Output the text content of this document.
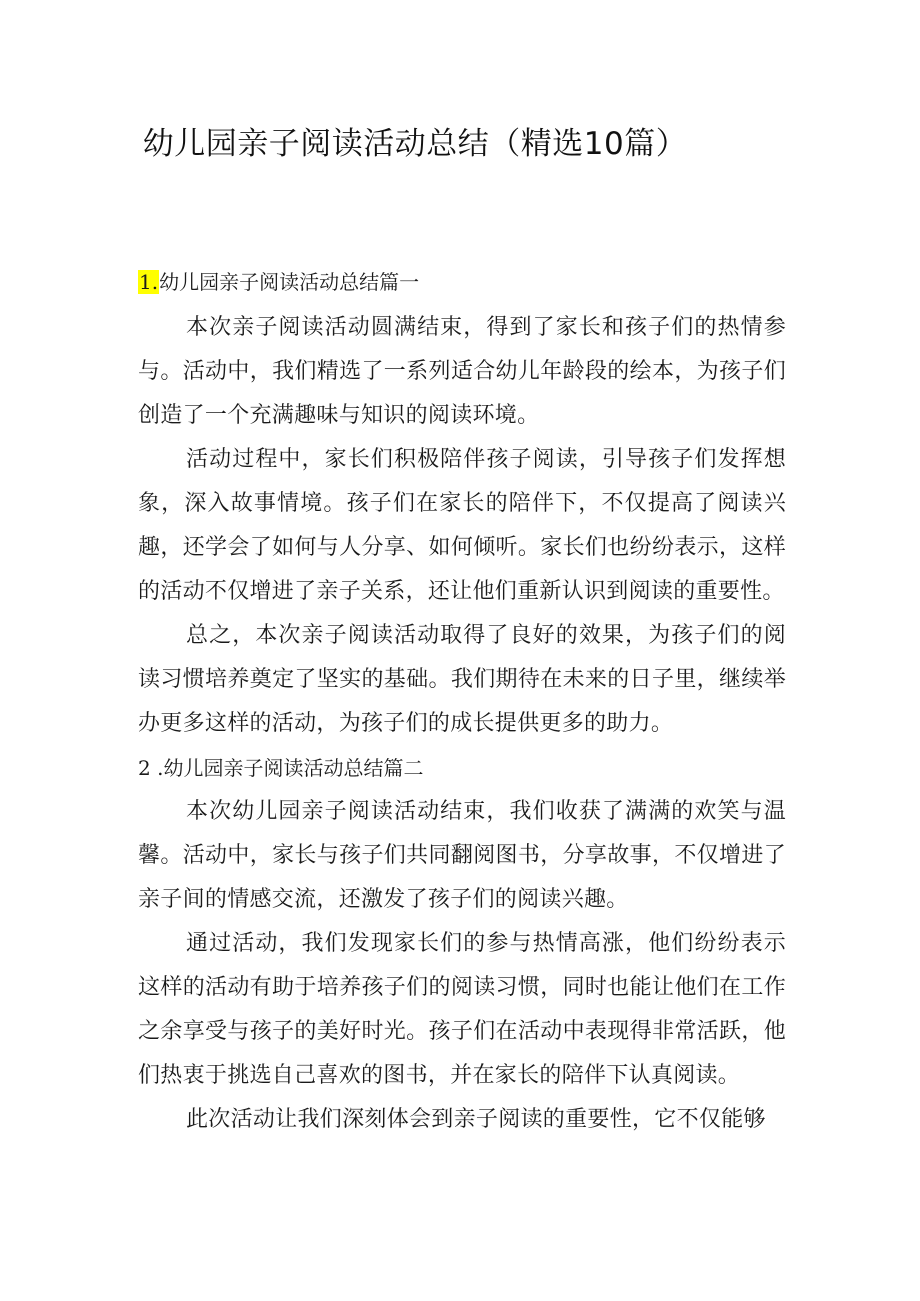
幼儿园亲子阅读活动总结（精选10篇）
1.幼儿园亲子阅读活动总结篇一

本次亲子阅读活动圆满结束，得到了家长和孩子们的热情参与。活动中，我们精选了一系列适合幼儿年龄段的绘本，为孩子们创造了一个充满趣味与知识的阅读环境。

活动过程中，家长们积极陪伴孩子阅读，引导孩子们发挥想象，深入故事情境。孩子们在家长的陪伴下，不仅提高了阅读兴趣，还学会了如何与人分享、如何倾听。家长们也纷纷表示，这样的活动不仅增进了亲子关系，还让他们重新认识到阅读的重要性。

总之，本次亲子阅读活动取得了良好的效果，为孩子们的阅读习惯培养奠定了坚实的基础。我们期待在未来的日子里，继续举办更多这样的活动，为孩子们的成长提供更多的助力。

2 .幼儿园亲子阅读活动总结篇二

本次幼儿园亲子阅读活动结束，我们收获了满满的欢笑与温馨。活动中，家长与孩子们共同翻阅图书，分享故事，不仅增进了亲子间的情感交流，还激发了孩子们的阅读兴趣。

通过活动，我们发现家长们的参与热情高涨，他们纷纷表示这样的活动有助于培养孩子们的阅读习惯，同时也能让他们在工作之余享受与孩子的美好时光。孩子们在活动中表现得非常活跃，他们热衷于挑选自己喜欢的图书，并在家长的陪伴下认真阅读。

此次活动让我们深刻体会到亲子阅读的重要性，它不仅能够
